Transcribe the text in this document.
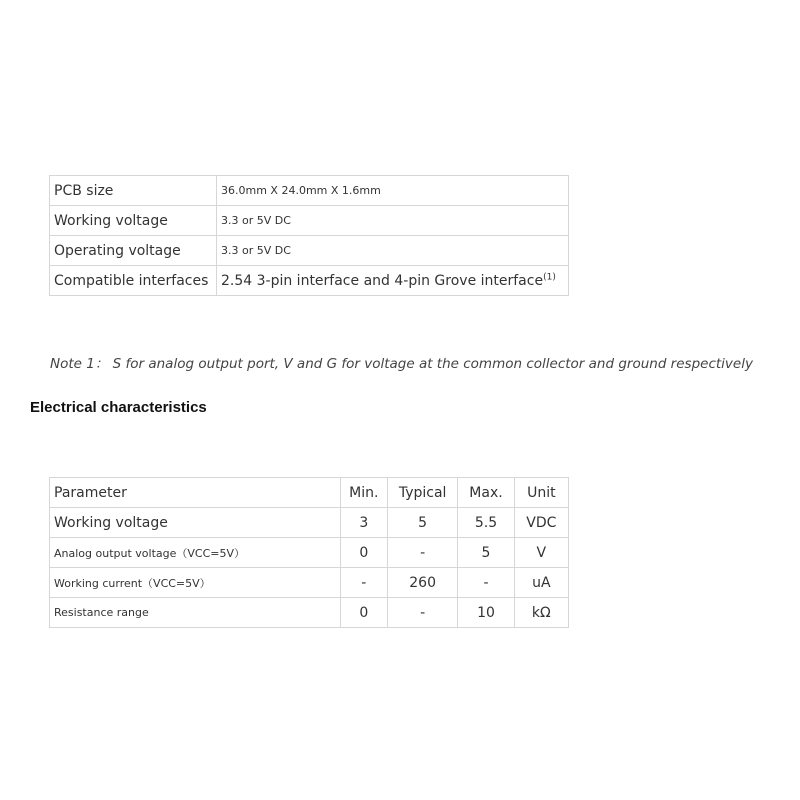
PCB size	36.0mm X 24.0mm X 1.6mm
Working voltage	3.3 or 5V DC
Operating voltage	3.3 or 5V DC
Compatible interfaces	2.54 3-pin interface and 4-pin Grove interface$^{(1)}$

Note 1： S for analog output port, V and G for voltage at the common collector and ground respectively

Electrical characteristics
Parameter	Min.	Typical	Max.	Unit
Working voltage	3	5	5.5	VDC
Analog output voltage（VCC=5V）	0	-	5	V
Working current（VCC=5V）	-	260	-	uA
Resistance range	0	-	10	kΩ
